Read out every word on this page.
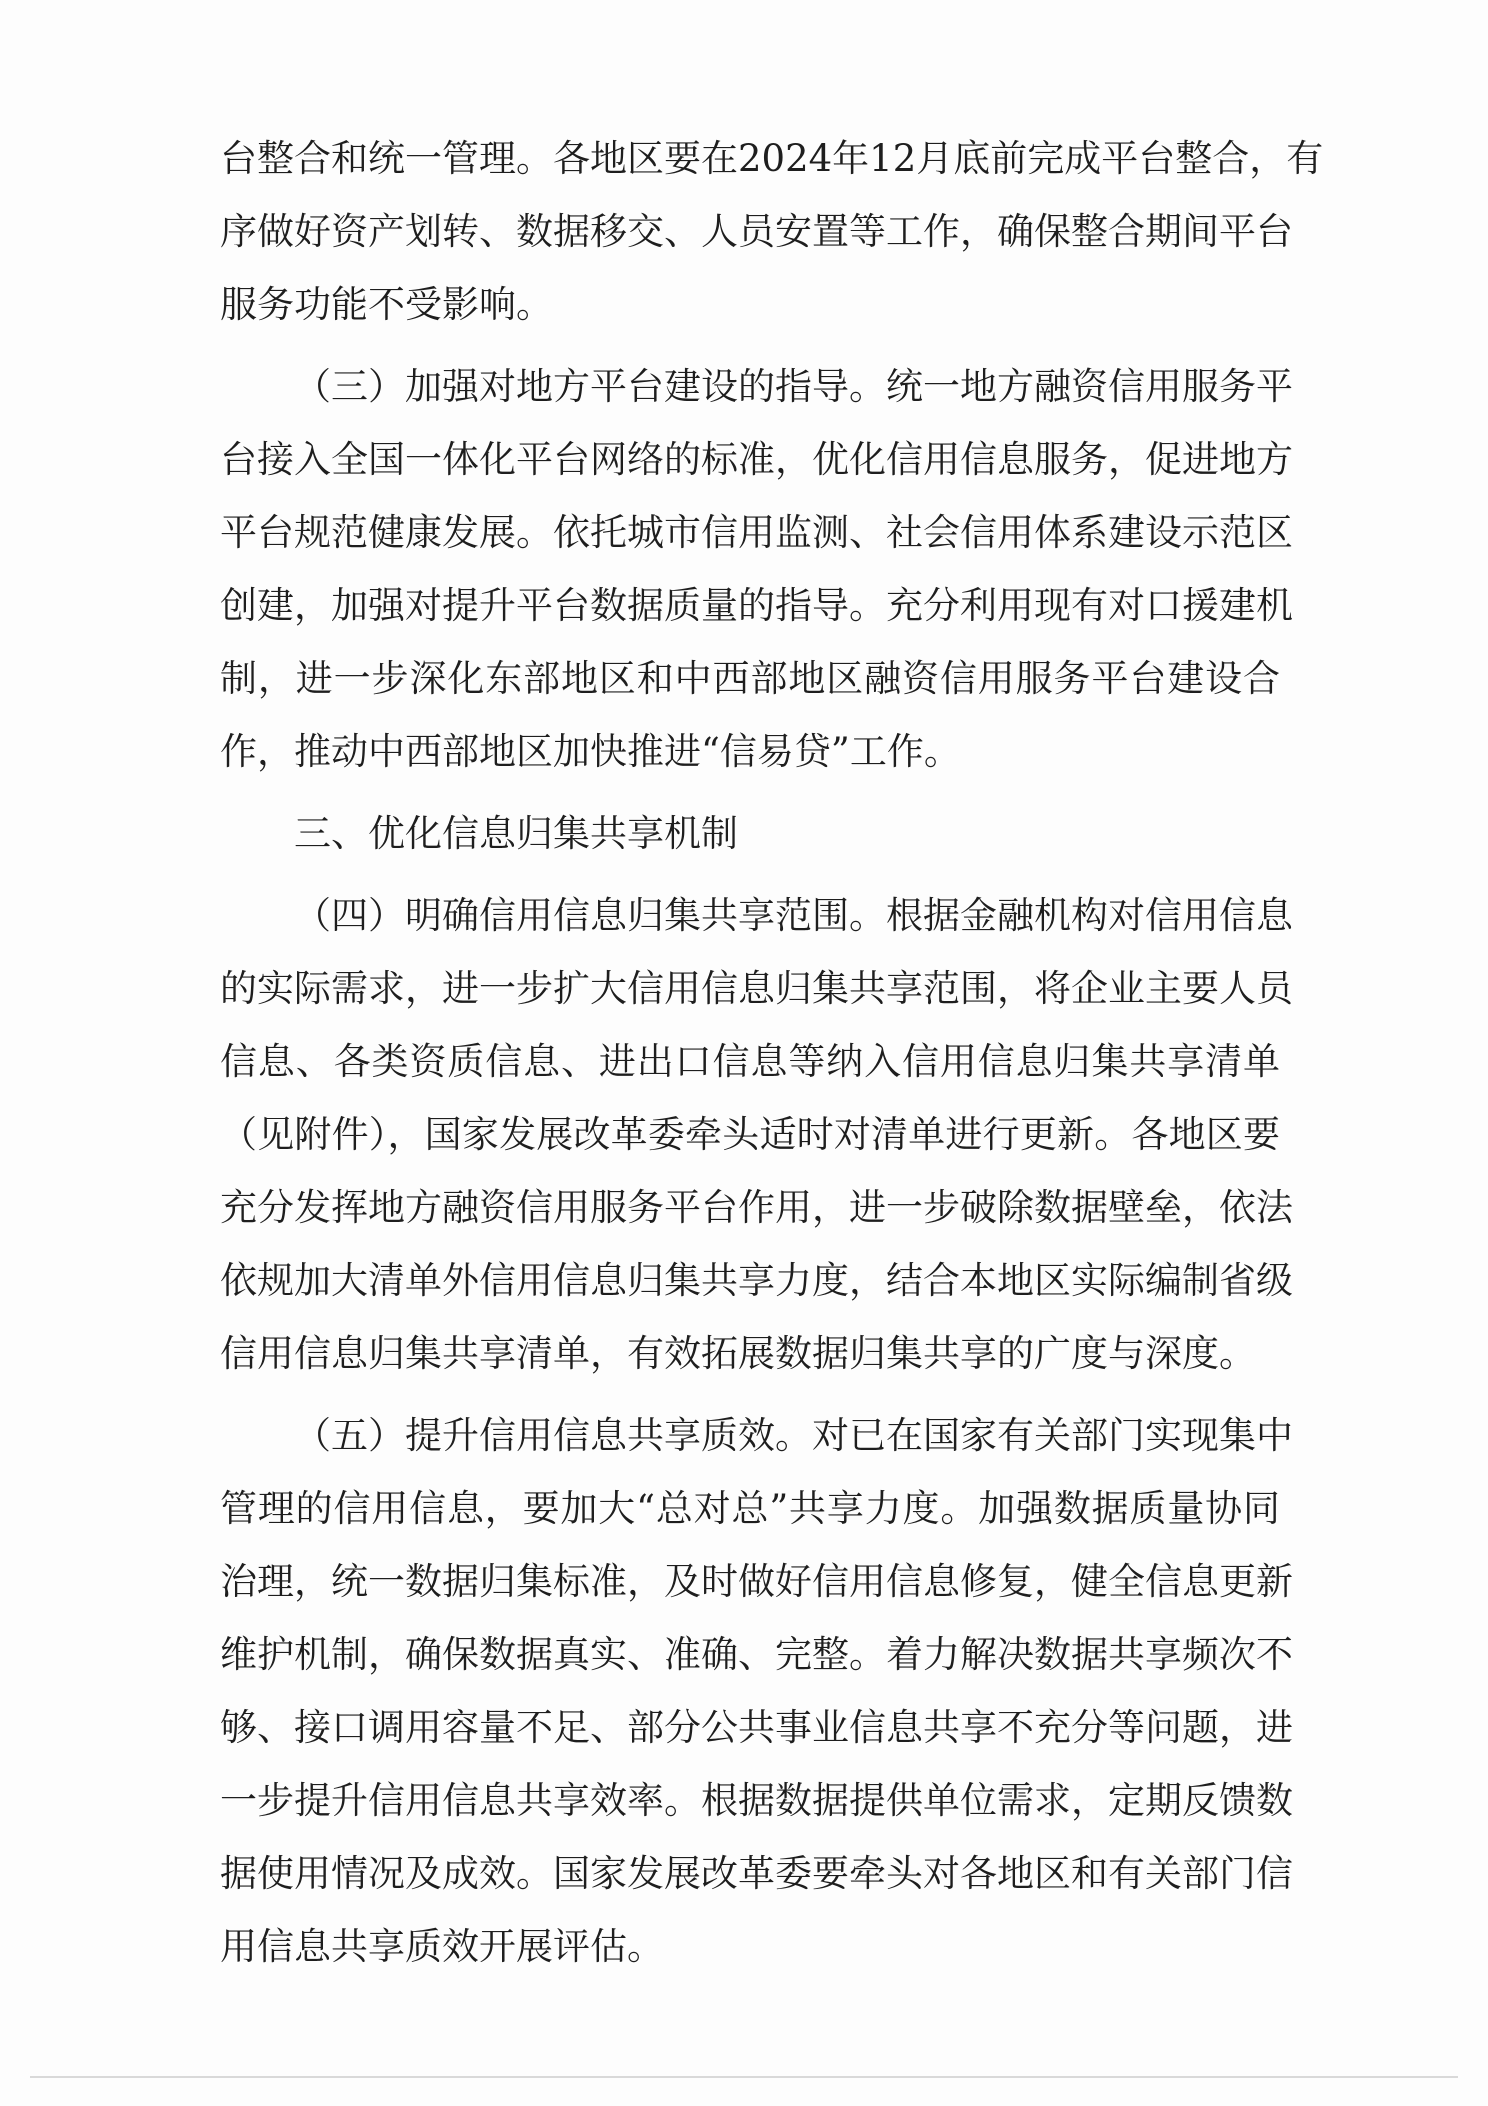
台整合和统一管理。各地区要在2024年12月底前完成平台整合，有
序做好资产划转、数据移交、人员安置等工作，确保整合期间平台
服务功能不受影响。
（三）加强对地方平台建设的指导。统一地方融资信用服务平
台接入全国一体化平台网络的标准，优化信用信息服务，促进地方
平台规范健康发展。依托城市信用监测、社会信用体系建设示范区
创建，加强对提升平台数据质量的指导。充分利用现有对口援建机
制，进一步深化东部地区和中西部地区融资信用服务平台建设合
作，推动中西部地区加快推进“信易贷”工作。
三、优化信息归集共享机制
（四）明确信用信息归集共享范围。根据金融机构对信用信息
的实际需求，进一步扩大信用信息归集共享范围，将企业主要人员
信息、各类资质信息、进出口信息等纳入信用信息归集共享清单
（见附件），国家发展改革委牵头适时对清单进行更新。各地区要
充分发挥地方融资信用服务平台作用，进一步破除数据壁垒，依法
依规加大清单外信用信息归集共享力度，结合本地区实际编制省级
信用信息归集共享清单，有效拓展数据归集共享的广度与深度。
（五）提升信用信息共享质效。对已在国家有关部门实现集中
管理的信用信息，要加大“总对总”共享力度。加强数据质量协同
治理，统一数据归集标准，及时做好信用信息修复，健全信息更新
维护机制，确保数据真实、准确、完整。着力解决数据共享频次不
够、接口调用容量不足、部分公共事业信息共享不充分等问题，进
一步提升信用信息共享效率。根据数据提供单位需求，定期反馈数
据使用情况及成效。国家发展改革委要牵头对各地区和有关部门信
用信息共享质效开展评估。
